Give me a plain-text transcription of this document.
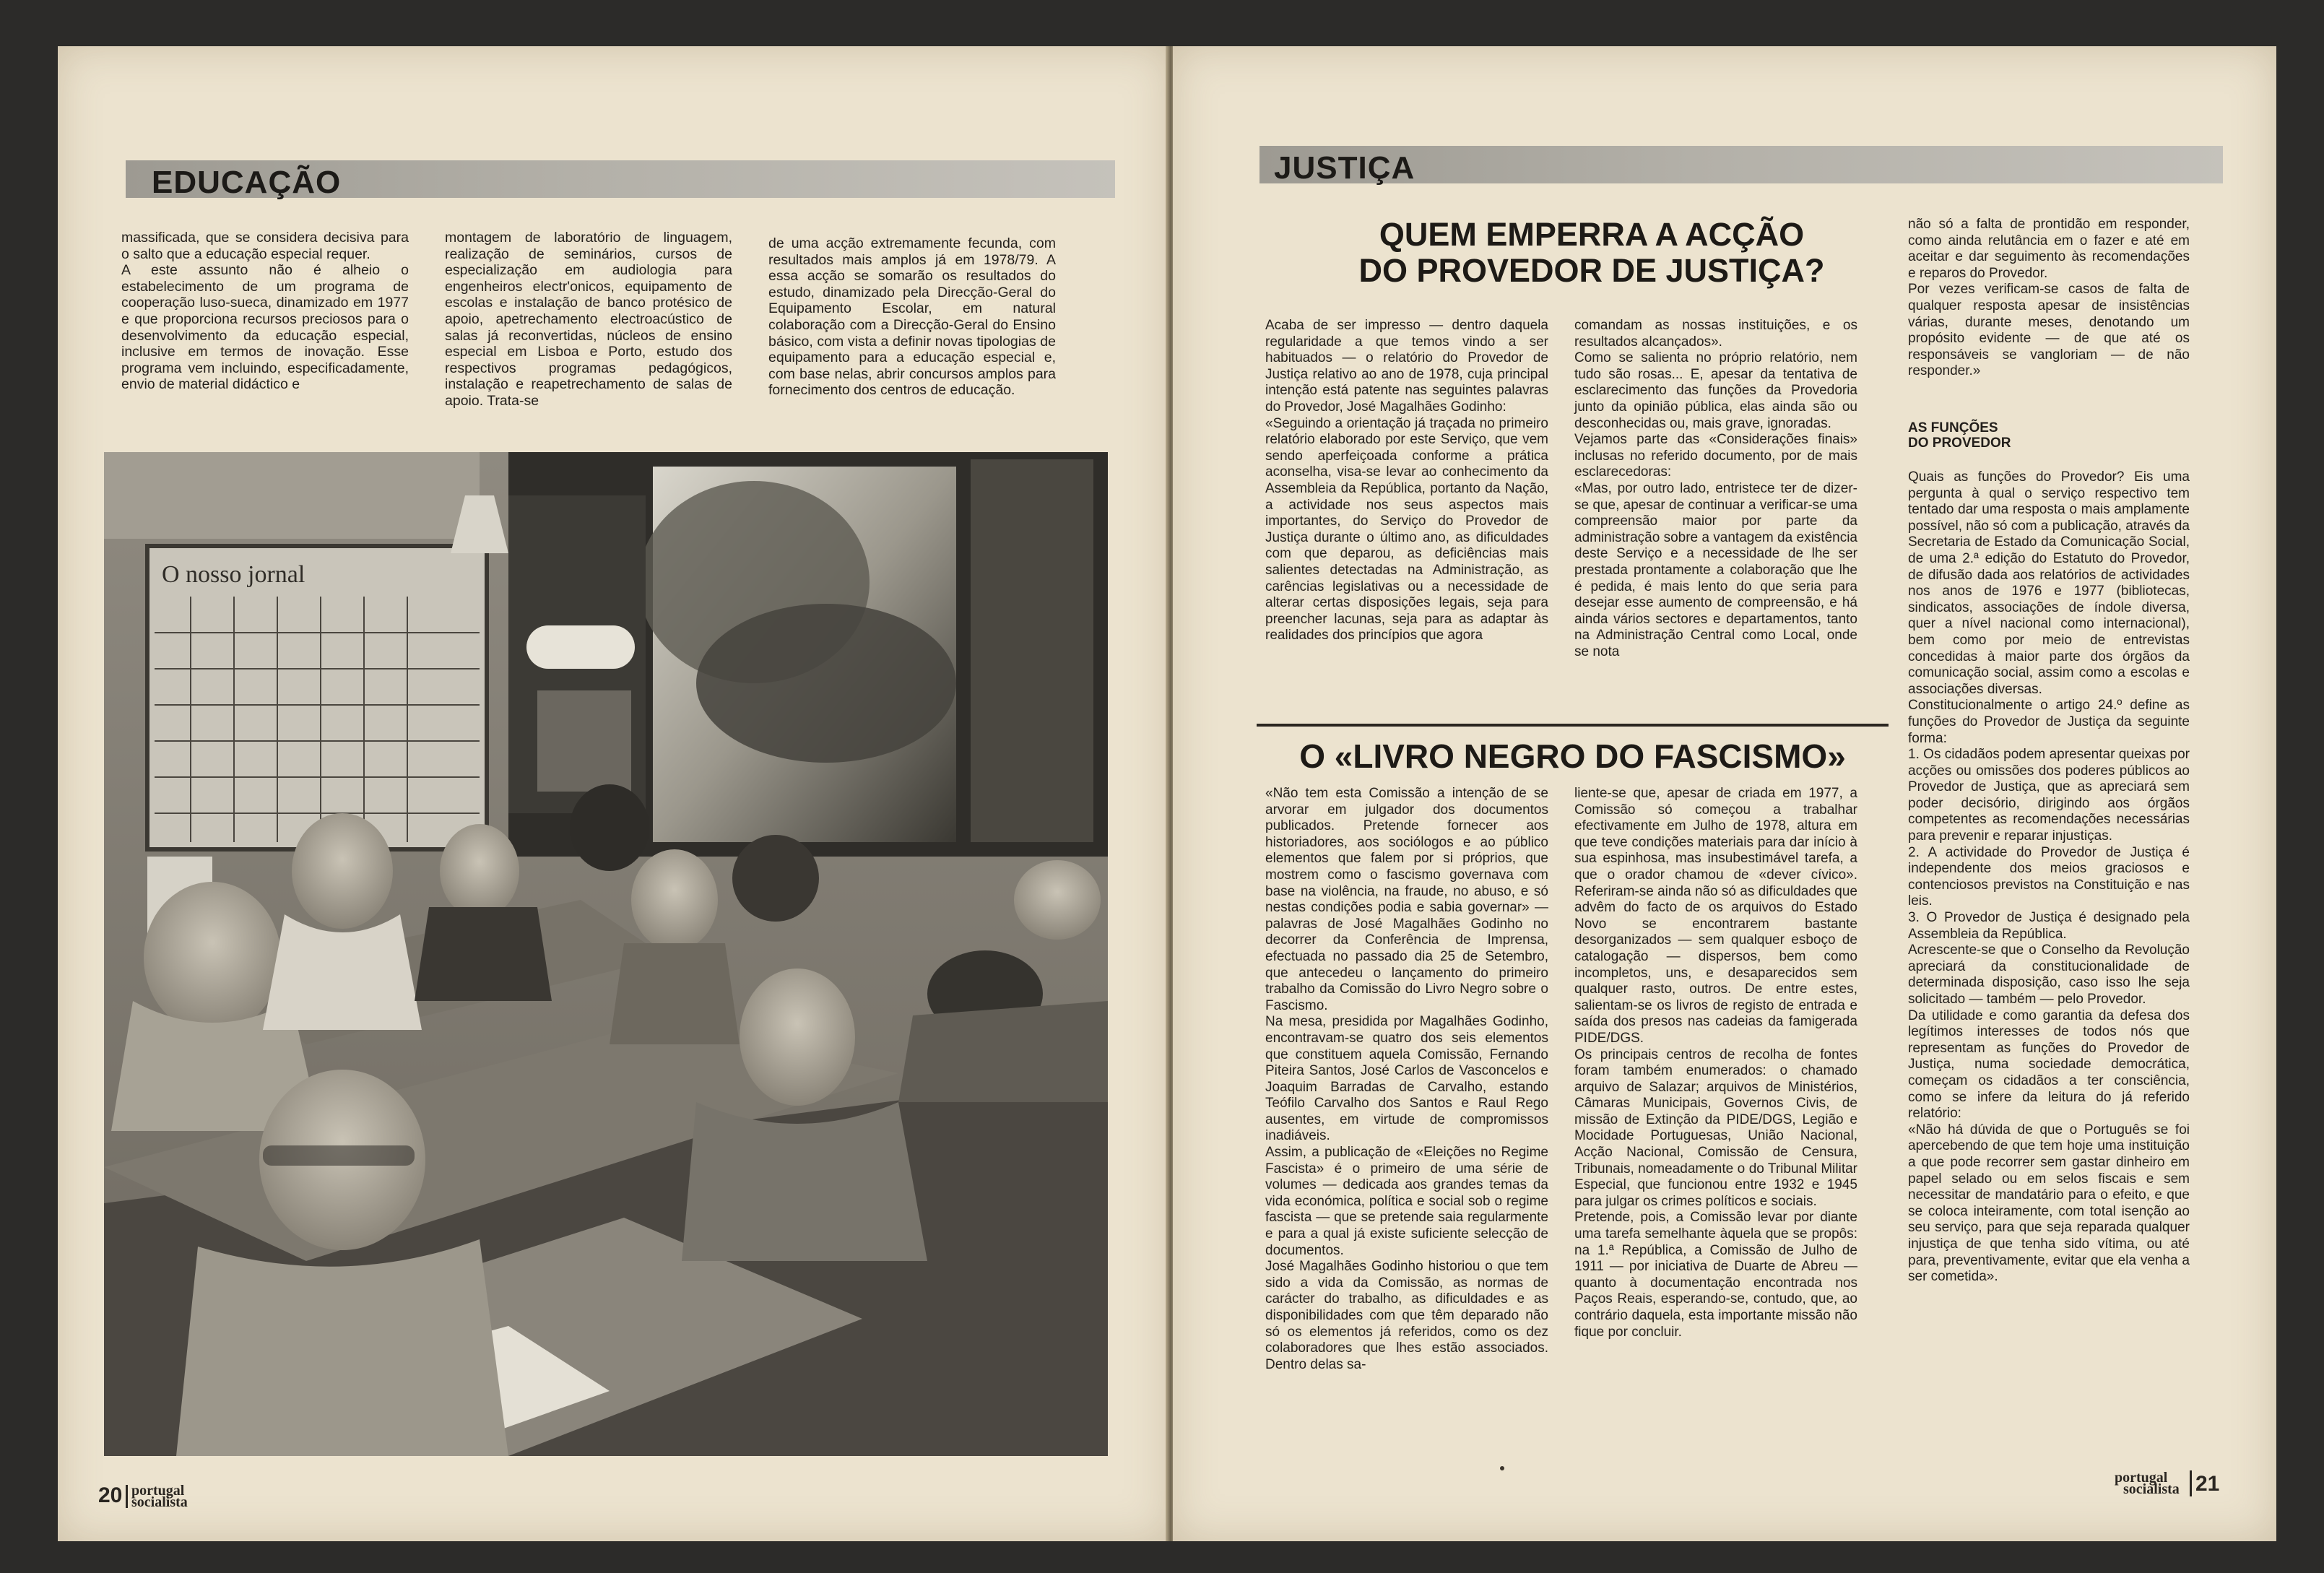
EDUCAÇÃO
massificada, que se considera decisiva para o salto que a educação especial requer.
A este assunto não é alheio o estabelecimento de um programa de cooperação luso-sueca, dinamizado em 1977 e que proporciona recursos preciosos para o desenvolvimento da educação especial, inclusive em termos de inovação. Esse programa vem incluindo, especificadamente, envio de material didáctico e
montagem de laboratório de linguagem, realização de seminários, cursos de especialização em audiologia para engenheiros electr'onicos, equipamento de escolas e instalação de banco protésico de apoio, apetrechamento electroacústico de salas já reconvertidas, núcleos de ensino especial em Lisboa e Porto, estudo dos respectivos programas pedagógicos, instalação e reapetrechamento de salas de apoio. Trata-se
de uma acção extremamente fecunda, com resultados mais amplos já em 1978/79. A essa acção se somarão os resultados do estudo, dinamizado pela Direcção-Geral do Equipamento Escolar, em natural colaboração com a Direcção-Geral do Ensino básico, com vista a definir novas tipologias de equipamento para a educação especial e, com base nelas, abrir concursos amplos para fornecimento dos centros de educação.
O nosso jornal
20 portugal
socialista
JUSTIÇA
QUEM EMPERRA A ACÇÃO
DO PROVEDOR DE JUSTIÇA?
Acaba de ser impresso — dentro daquela regularidade a que temos vindo a ser habituados — o relatório do Provedor de Justiça relativo ao ano de 1978, cuja principal intenção está patente nas seguintes palavras do Provedor, José Magalhães Godinho:
«Seguindo a orientação já traçada no primeiro relatório elaborado por este Serviço, que vem sendo aperfeiçoada conforme a prática aconselha, visa-se levar ao conhecimento da Assembleia da República, portanto da Nação, a actividade nos seus aspectos mais importantes, do Serviço do Provedor de Justiça durante o último ano, as dificuldades com que deparou, as deficiências mais salientes detectadas na Administração, as carências legislativas ou a necessidade de alterar certas disposições legais, seja para preencher lacunas, seja para as adaptar às realidades dos princípios que agora
comandam as nossas instituições, e os resultados alcançados».
Como se salienta no próprio relatório, nem tudo são rosas... E, apesar da tentativa de esclarecimento das funções da Provedoria junto da opinião pública, elas ainda são ou desconhecidas ou, mais grave, ignoradas.
Vejamos parte das «Considerações finais» inclusas no referido documento, por de mais esclarecedoras:
«Mas, por outro lado, entristece ter de dizer-se que, apesar de continuar a verificar-se uma compreensão maior por parte da administração sobre a vantagem da existência deste Serviço e a necessidade de lhe ser prestada prontamente a colaboração que lhe é pedida, é mais lento do que seria para desejar esse aumento de compreensão, e há ainda vários sectores e departamentos, tanto na Administração Central como Local, onde se nota
não só a falta de prontidão em responder, como ainda relutância em o fazer e até em aceitar e dar seguimento às recomendações e reparos do Provedor.
Por vezes verificam-se casos de falta de qualquer resposta apesar de insistências várias, durante meses, denotando um propósito evidente — de que até os responsáveis se vangloriam — de não responder.»
AS FUNÇÕES
DO PROVEDOR
Quais as funções do Provedor? Eis uma pergunta à qual o serviço respectivo tem tentado dar uma resposta o mais amplamente possível, não só com a publicação, através da Secretaria de Estado da Comunicação Social, de uma 2.ª edição do Estatuto do Provedor, de difusão dada aos relatórios de actividades nos anos de 1976 e 1977 (bibliotecas, sindicatos, associações de índole diversa, quer a nível nacional como internacional), bem como por meio de entrevistas concedidas à maior parte dos órgãos da comunicação social, assim como a escolas e associações diversas.
Constitucionalmente o artigo 24.º define as funções do Provedor de Justiça da seguinte forma:
1. Os cidadãos podem apresentar queixas por acções ou omissões dos poderes públicos ao Provedor de Justiça, que as apreciará sem poder decisório, dirigindo aos órgãos competentes as recomendações necessárias para prevenir e reparar injustiças.
2. A actividade do Provedor de Justiça é independente dos meios graciosos e contenciosos previstos na Constituição e nas leis.
3. O Provedor de Justiça é designado pela Assembleia da República.
Acrescente-se que o Conselho da Revolução apreciará da constitucionalidade de determinada disposição, caso isso lhe seja solicitado — também — pelo Provedor.
Da utilidade e como garantia da defesa dos legítimos interesses de todos nós que representam as funções do Provedor de Justiça, numa sociedade democrática, começam os cidadãos a ter consciência, como se infere da leitura do já referido relatório:
«Não há dúvida de que o Português se foi apercebendo de que tem hoje uma instituição a que pode recorrer sem gastar dinheiro em papel selado ou em selos fiscais e sem necessitar de mandatário para o efeito, e que se coloca inteiramente, com total isenção ao seu serviço, para que seja reparada qualquer injustiça de que tenha sido vítima, ou até para, preventivamente, evitar que ela venha a ser cometida».
O «LIVRO NEGRO DO FASCISMO»
«Não tem esta Comissão a intenção de se arvorar em julgador dos documentos publicados. Pretende fornecer aos historiadores, aos sociólogos e ao público elementos que falem por si próprios, que mostrem como o fascismo governava com base na violência, na fraude, no abuso, e só nestas condições podia e sabia governar» — palavras de José Magalhães Godinho no decorrer da Conferência de Imprensa, efectuada no passado dia 25 de Setembro, que antecedeu o lançamento do primeiro trabalho da Comissão do Livro Negro sobre o Fascismo.
Na mesa, presidida por Magalhães Godinho, encontravam-se quatro dos seis elementos que constituem aquela Comissão, Fernando Piteira Santos, José Carlos de Vasconcelos e Joaquim Barradas de Carvalho, estando Teófilo Carvalho dos Santos e Raul Rego ausentes, em virtude de compromissos inadiáveis.
Assim, a publicação de «Eleições no Regime Fascista» é o primeiro de uma série de volumes — dedicada aos grandes temas da vida económica, política e social sob o regime fascista — que se pretende saia regularmente e para a qual já existe suficiente selecção de documentos.
José Magalhães Godinho historiou o que tem sido a vida da Comissão, as normas de carácter do trabalho, as dificuldades e as disponibilidades com que têm deparado não só os elementos já referidos, como os dez colaboradores que lhes estão associados. Dentro delas sa-
liente-se que, apesar de criada em 1977, a Comissão só começou a trabalhar efectivamente em Julho de 1978, altura em que teve condições materiais para dar início à sua espinhosa, mas insubestimável tarefa, a que o orador chamou de «dever cívico». Referiram-se ainda não só as dificuldades que advêm do facto de os arquivos do Estado Novo se encontrarem bastante desorganizados — sem qualquer esboço de catalogação — dispersos, bem como incompletos, uns, e desaparecidos sem qualquer rasto, outros. De entre estes, salientam-se os livros de registo de entrada e saída dos presos nas cadeias da famigerada PIDE/DGS.
Os principais centros de recolha de fontes foram também enumerados: o chamado arquivo de Salazar; arquivos de Ministérios, Câmaras Municipais, Governos Civis, de missão de Extinção da PIDE/DGS, Legião e Mocidade Portuguesas, União Nacional, Acção Nacional, Comissão de Censura, Tribunais, nomeadamente o do Tribunal Militar Especial, que funcionou entre 1932 e 1945 para julgar os crimes políticos e sociais.
Pretende, pois, a Comissão levar por diante uma tarefa semelhante àquela que se propôs: na 1.ª República, a Comissão de Julho de 1911 — por iniciativa de Duarte de Abreu — quanto à documentação encontrada nos Paços Reais, esperando-se, contudo, que, ao contrário daquela, esta importante missão não fique por concluir.
portugal
socialista 21
